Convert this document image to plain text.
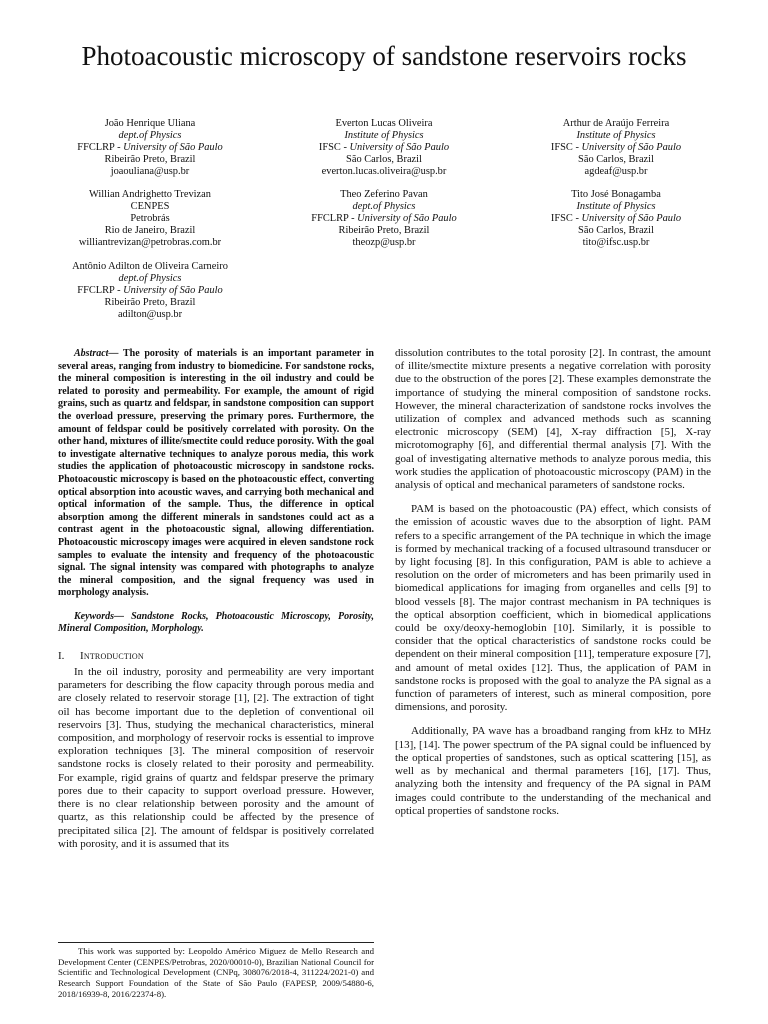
Photoacoustic microscopy of sandstone reservoirs rocks
João Henrique Uliana
dept.of Physics
FFCLRP - University of São Paulo
Ribeirão Preto, Brazil
joaouliana@usp.br
Everton Lucas Oliveira
Institute of Physics
IFSC - University of São Paulo
São Carlos, Brazil
everton.lucas.oliveira@usp.br
Arthur de Araújo Ferreira
Institute of Physics
IFSC - University of São Paulo
São Carlos, Brazil
agdeaf@usp.br
Willian Andrighetto Trevizan
CENPES
Petrobrás
Rio de Janeiro, Brazil
williantrevizan@petrobras.com.br
Theo Zeferino Pavan
dept.of Physics
FFCLRP - University of São Paulo
Ribeirão Preto, Brazil
theozp@usp.br
Tito José Bonagamba
Institute of Physics
IFSC - University of São Paulo
São Carlos, Brazil
tito@ifsc.usp.br
Antônio Adilton de Oliveira Carneiro
dept.of Physics
FFCLRP - University of São Paulo
Ribeirão Preto, Brazil
adilton@usp.br

Abstract— The porosity of materials is an important parameter in several areas, ranging from industry to biomedicine. For sandstone rocks, the mineral composition is interesting in the oil industry and could be related to porosity and permeability. For example, the amount of rigid grains, such as quartz and feldspar, in sandstone composition can support the overload pressure, preserving the primary pores. Furthermore, the amount of feldspar could be positively correlated with porosity. On the other hand, mixtures of illite/smectite could reduce porosity. With the goal to investigate alternative techniques to analyze porous media, this work studies the application of photoacoustic microscopy in sandstone rocks. Photoacoustic microscopy is based on the photoacoustic effect, converting optical absorption into acoustic waves, and carrying both mechanical and optical information of the sample. Thus, the difference in optical absorption among the different minerals in sandstones could act as a contrast agent in the photoacoustic signal, allowing differentiation. Photoacoustic microscopy images were acquired in eleven sandstone rock samples to evaluate the intensity and frequency of the photoacoustic signal. The signal intensity was compared with photographs to analyze the mineral composition, and the signal frequency was used in morphology analysis.

Keywords— Sandstone Rocks, Photoacoustic Microscopy, Porosity, Mineral Composition, Morphology.

I. Introduction

In the oil industry, porosity and permeability are very important parameters for describing the flow capacity through porous media and are closely related to reservoir storage [1], [2]. The extraction of tight oil has become important due to the depletion of conventional oil reservoirs [3]. Thus, studying the mechanical characteristics, mineral composition, and morphology of reservoir rocks is essential to improve exploration techniques [3]. The mineral composition of reservoir sandstone rocks is closely related to their porosity and permeability. For example, rigid grains of quartz and feldspar preserve the primary pores due to their capacity to support overload pressure. However, there is no clear relationship between porosity and the amount of quartz, as this relationship could be affected by the presence of precipitated silica [2]. The amount of feldspar is positively correlated with porosity, and it is assumed that its

dissolution contributes to the total porosity [2]. In contrast, the amount of illite/smectite mixture presents a negative correlation with porosity due to the obstruction of the pores [2]. These examples demonstrate the importance of studying the mineral composition of sandstone rocks. However, the mineral characterization of sandstone rocks involves the utilization of complex and advanced methods such as scanning electronic microscopy (SEM) [4], X-ray diffraction [5], X-ray microtomography [6], and differential thermal analysis [7]. With the goal of investigating alternative methods to analyze porous media, this work studies the application of photoacoustic microscopy (PAM) in the analysis of optical and mechanical parameters of sandstone rocks.

PAM is based on the photoacoustic (PA) effect, which consists of the emission of acoustic waves due to the absorption of light. PAM refers to a specific arrangement of the PA technique in which the image is formed by mechanical tracking of a focused ultrasound transducer or by light focusing [8]. In this configuration, PAM is able to achieve a resolution on the order of micrometers and has been primarily used in biomedical applications for imaging from organelles and cells [9] to blood vessels [8]. The major contrast mechanism in PA techniques is the optical absorption coefficient, which in biomedical applications could be oxy/deoxy-hemoglobin [10]. Similarly, it is possible to consider that the optical characteristics of sandstone rocks could be dependent on their mineral composition [11], temperature exposure [7], and amount of metal oxides [12]. Thus, the application of PAM in sandstone rocks is proposed with the goal to analyze the PA signal as a function of parameters of interest, such as mineral composition, pore dimensions, and porosity.

Additionally, PA wave has a broadband ranging from kHz to MHz [13], [14]. The power spectrum of the PA signal could be influenced by the optical properties of sandstones, such as optical scattering [15], as well as by mechanical and thermal parameters [16], [17]. Thus, analyzing both the intensity and frequency of the PA signal in PAM images could contribute to the understanding of the mechanical and optical properties of sandstone rocks.

This work was supported by: Leopoldo Américo Miguez de Mello Research and Development Center (CENPES/Petrobras, 2020/00010-0), Brazilian National Council for Scientific and Technological Development (CNPq, 308076/2018-4, 311224/2021-0) and Research Support Foundation of the State of São Paulo (FAPESP, 2009/54880-6, 2018/16939-8, 2016/22374-8).
